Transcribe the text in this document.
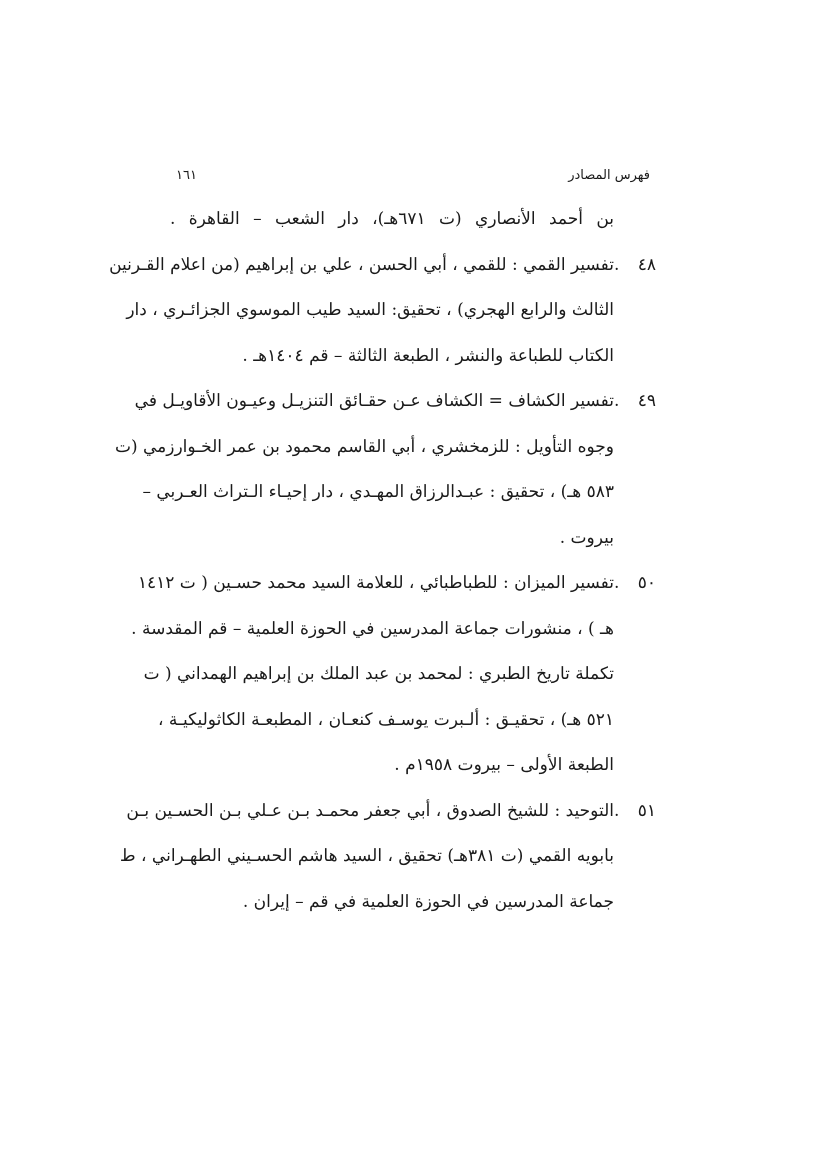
فهرس المصادر
١٦١
بن أحمد الأنصاري (ت ٦٧١هـ)، دار الشعب – القاهرة .
٤٨ .تفسير القمي : للقمي ، أبي الحسن ، علي بن إبراهيم (من اعلام القـرنين
الثالث والرابع الهجري) ، تحقيق: السيد طيب الموسوي الجزائـري ، دار
الكتاب للطباعة والنشر ، الطبعة الثالثة – قم ١٤٠٤هـ .
٤٩ .تفسير الكشاف = الكشاف عـن حقـائق التنزيـل وعيـون الأقاويـل في
وجوه التأويل : للزمخشري ، أبي القاسم محمود بن عمر الخـوارزمي (ت
٥٨٣ هـ) ، تحقيق : عبـدالرزاق المهـدي ، دار إحيـاء الـتراث العـربي –
بيروت .
٥٠ .تفسير الميزان : للطباطبائي ، للعلامة السيد محمد حسـين ( ت ١٤١٢
هـ ) ، منشورات جماعة المدرسين في الحوزة العلمية – قم المقدسة .
تكملة تاريخ الطبري : لمحمد بن عبد الملك بن إبراهيم الهمداني ( ت
٥٢١ هـ) ، تحقيـق : ألـبرت يوسـف كنعـان ، المطبعـة الكاثوليكيـة ،
الطبعة الأولى – بيروت ١٩٥٨م .
٥١ .التوحيد : للشيخ الصدوق ، أبي جعفر محمـد بـن عـلي بـن الحسـين بـن
بابويه القمي (ت ٣٨١هـ) تحقيق ، السيد هاشم الحسـيني الطهـراني ، ط
جماعة المدرسين في الحوزة العلمية في قم – إيران .
